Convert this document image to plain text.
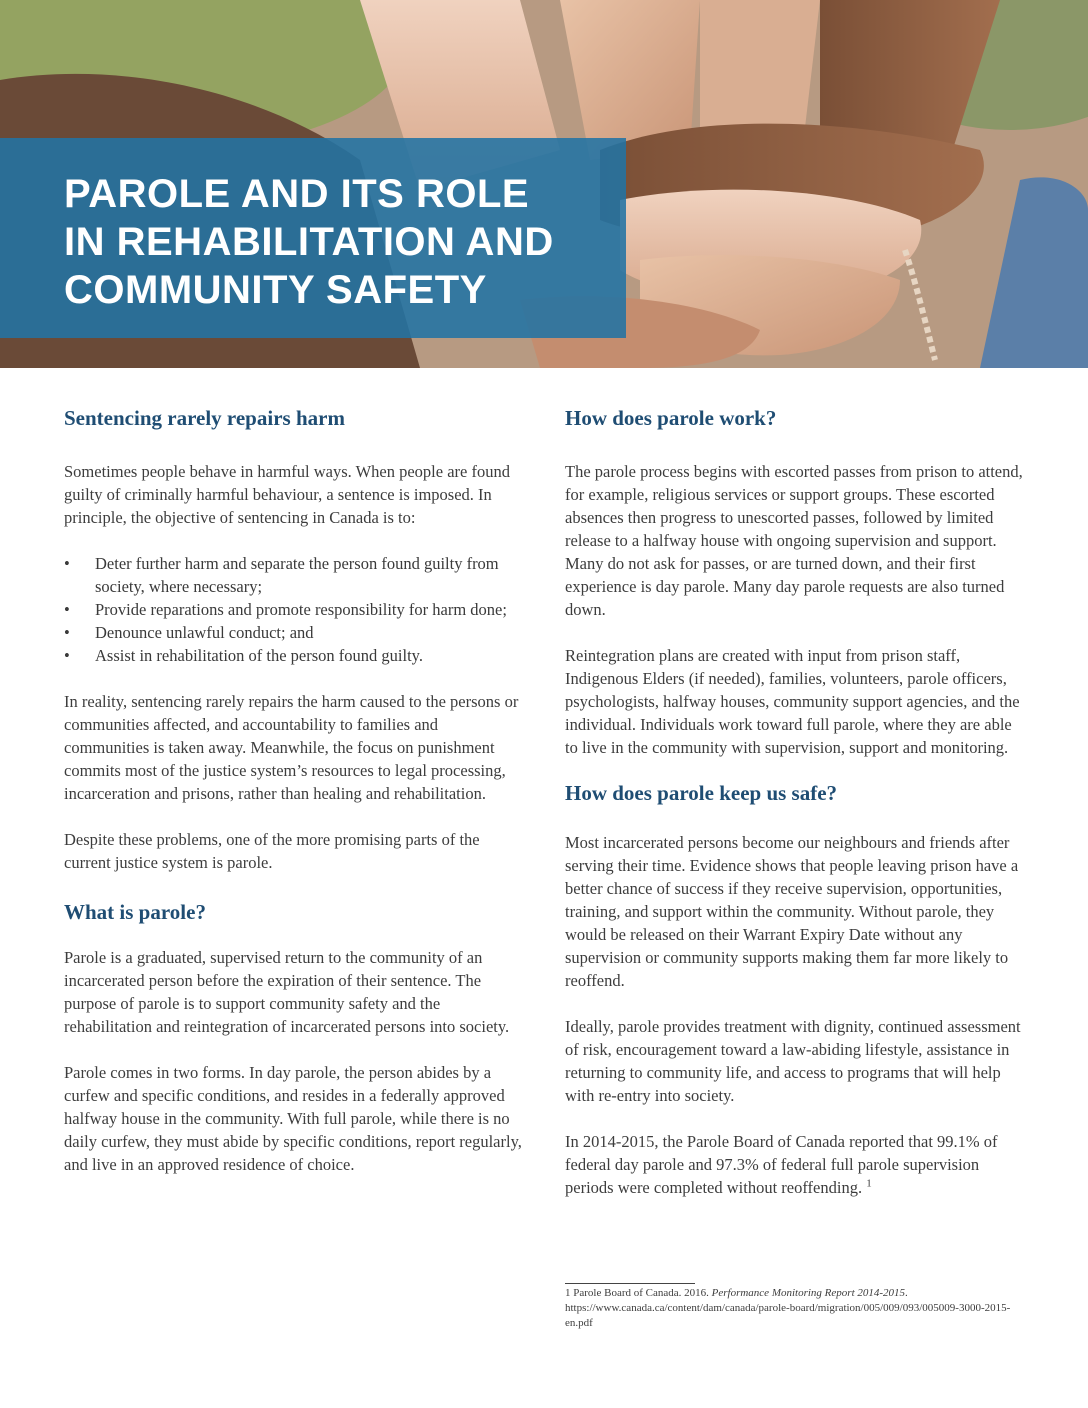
PAROLE AND ITS ROLE
IN REHABILITATION AND
COMMUNITY SAFETY
Sentencing rarely repairs harm

Sometimes people behave in harmful ways. When people are found guilty of criminally harmful behaviour, a sentence is imposed. In principle, the objective of sentencing in Canada is to:

• Deter further harm and separate the person found guilty from society, where necessary;
• Provide reparations and promote responsibility for harm done;
• Denounce unlawful conduct; and
• Assist in rehabilitation of the person found guilty.

In reality, sentencing rarely repairs the harm caused to the persons or communities affected, and accountability to families and communities is taken away. Meanwhile, the focus on punishment commits most of the justice system’s resources to legal processing, incarceration and prisons, rather than healing and rehabilitation.

Despite these problems, one of the more promising parts of the current justice system is parole.

What is parole?

Parole is a graduated, supervised return to the community of an incarcerated person before the expiration of their sentence. The purpose of parole is to support community safety and the rehabilitation and reintegration of incarcerated persons into society.

Parole comes in two forms. In day parole, the person abides by a curfew and specific conditions, and resides in a federally approved halfway house in the community. With full parole, while there is no daily curfew, they must abide by specific conditions, report regularly, and live in an approved residence of choice.

How does parole work?

The parole process begins with escorted passes from prison to attend, for example, religious services or support groups. These escorted absences then progress to unescorted passes, followed by limited release to a halfway house with ongoing supervision and support. Many do not ask for passes, or are turned down, and their first experience is day parole. Many day parole requests are also turned down.

Reintegration plans are created with input from prison staff, Indigenous Elders (if needed), families, volunteers, parole officers, psychologists, halfway houses, community support agencies, and the individual. Individuals work toward full parole, where they are able to live in the community with supervision, support and monitoring.

How does parole keep us safe?

Most incarcerated persons become our neighbours and friends after serving their time. Evidence shows that people leaving prison have a better chance of success if they receive supervision, opportunities, training, and support within the community. Without parole, they would be released on their Warrant Expiry Date without any supervision or community supports making them far more likely to reoffend.

Ideally, parole provides treatment with dignity, continued assessment of risk, encouragement toward a law-abiding lifestyle, assistance in returning to community life, and access to programs that will help with re-entry into society.

In 2014-2015, the Parole Board of Canada reported that 99.1% of federal day parole and 97.3% of federal full parole supervision periods were completed without reoffending. $^1$

1 Parole Board of Canada. 2016. Performance Monitoring Report 2014-2015. https://www.canada.ca/content/dam/canada/parole-board/migration/005/009/093/005009-3000-2015-en.pdf
